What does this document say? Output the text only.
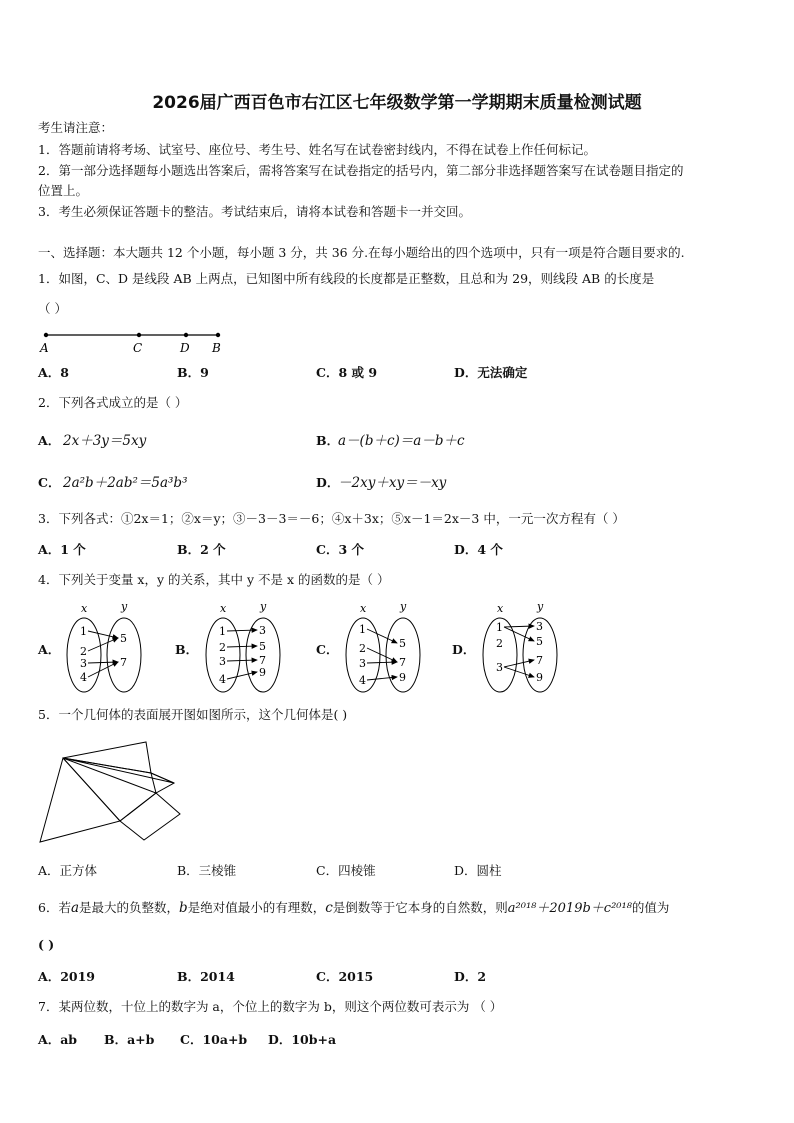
2026届广西百色市右江区七年级数学第一学期期末质量检测试题
考生请注意：
1．答题前请将考场、试室号、座位号、考生号、姓名写在试卷密封线内，不得在试卷上作任何标记。
2．第一部分选择题每小题选出答案后，需将答案写在试卷指定的括号内，第二部分非选择题答案写在试卷题目指定的
位置上。
3．考生必须保证答题卡的整洁。考试结束后，请将本试卷和答题卡一并交回。
一、选择题：本大题共 12 个小题，每小题 3 分，共 36 分.在每小题给出的四个选项中，只有一项是符合题目要求的.
1．如图，C、D 是线段 AB 上两点，已知图中所有线段的长度都是正整数，且总和为 29，则线段 AB 的长度是
（ ）
A	C	D B
A．8	B．9	C．8 或 9	D．无法确定
2．下列各式成立的是（ ）
A． 2x＋3y＝5xy	B．
a－(b＋c)＝a－b＋c
C． 2a²b＋2ab²＝5a³b³	D．
－2xy＋xy＝－xy
3．下列各式：①2x＝1；②x＝y；③－3－3＝－6；④x＋3x；⑤x－1＝2x－3 中，一元一次方程有（ ）
A．1 个	B．2 个	C．3 个	D．4 个
4．下列关于变量 x，y 的关系，其中 y 不是 x 的函数的是（ ）
A．	B．	C．	D．
x	y
1
2
3
4
5
7
x	y
1
2
3
4
3
5
7
9
x	y
1
2
3
4
5
7
9
x	y
1
2
3
3
5
7
9
5．一个几何体的表面展开图如图所示，这个几何体是( )
A．正方体	B．三棱锥	C．四棱锥	D．圆柱
6．若a是最大的负整数，b是绝对值最小的有理数，c是倒数等于它本身的自然数，则a²⁰¹⁸＋2019b＋c²⁰¹⁸的值为
( )
A．2019	B．2014	C．2015	D．2
7．某两位数，十位上的数字为 a，个位上的数字为 b，则这个两位数可表示为 （ ）
A．ab B．a+b C．10a+b D．10b+a
